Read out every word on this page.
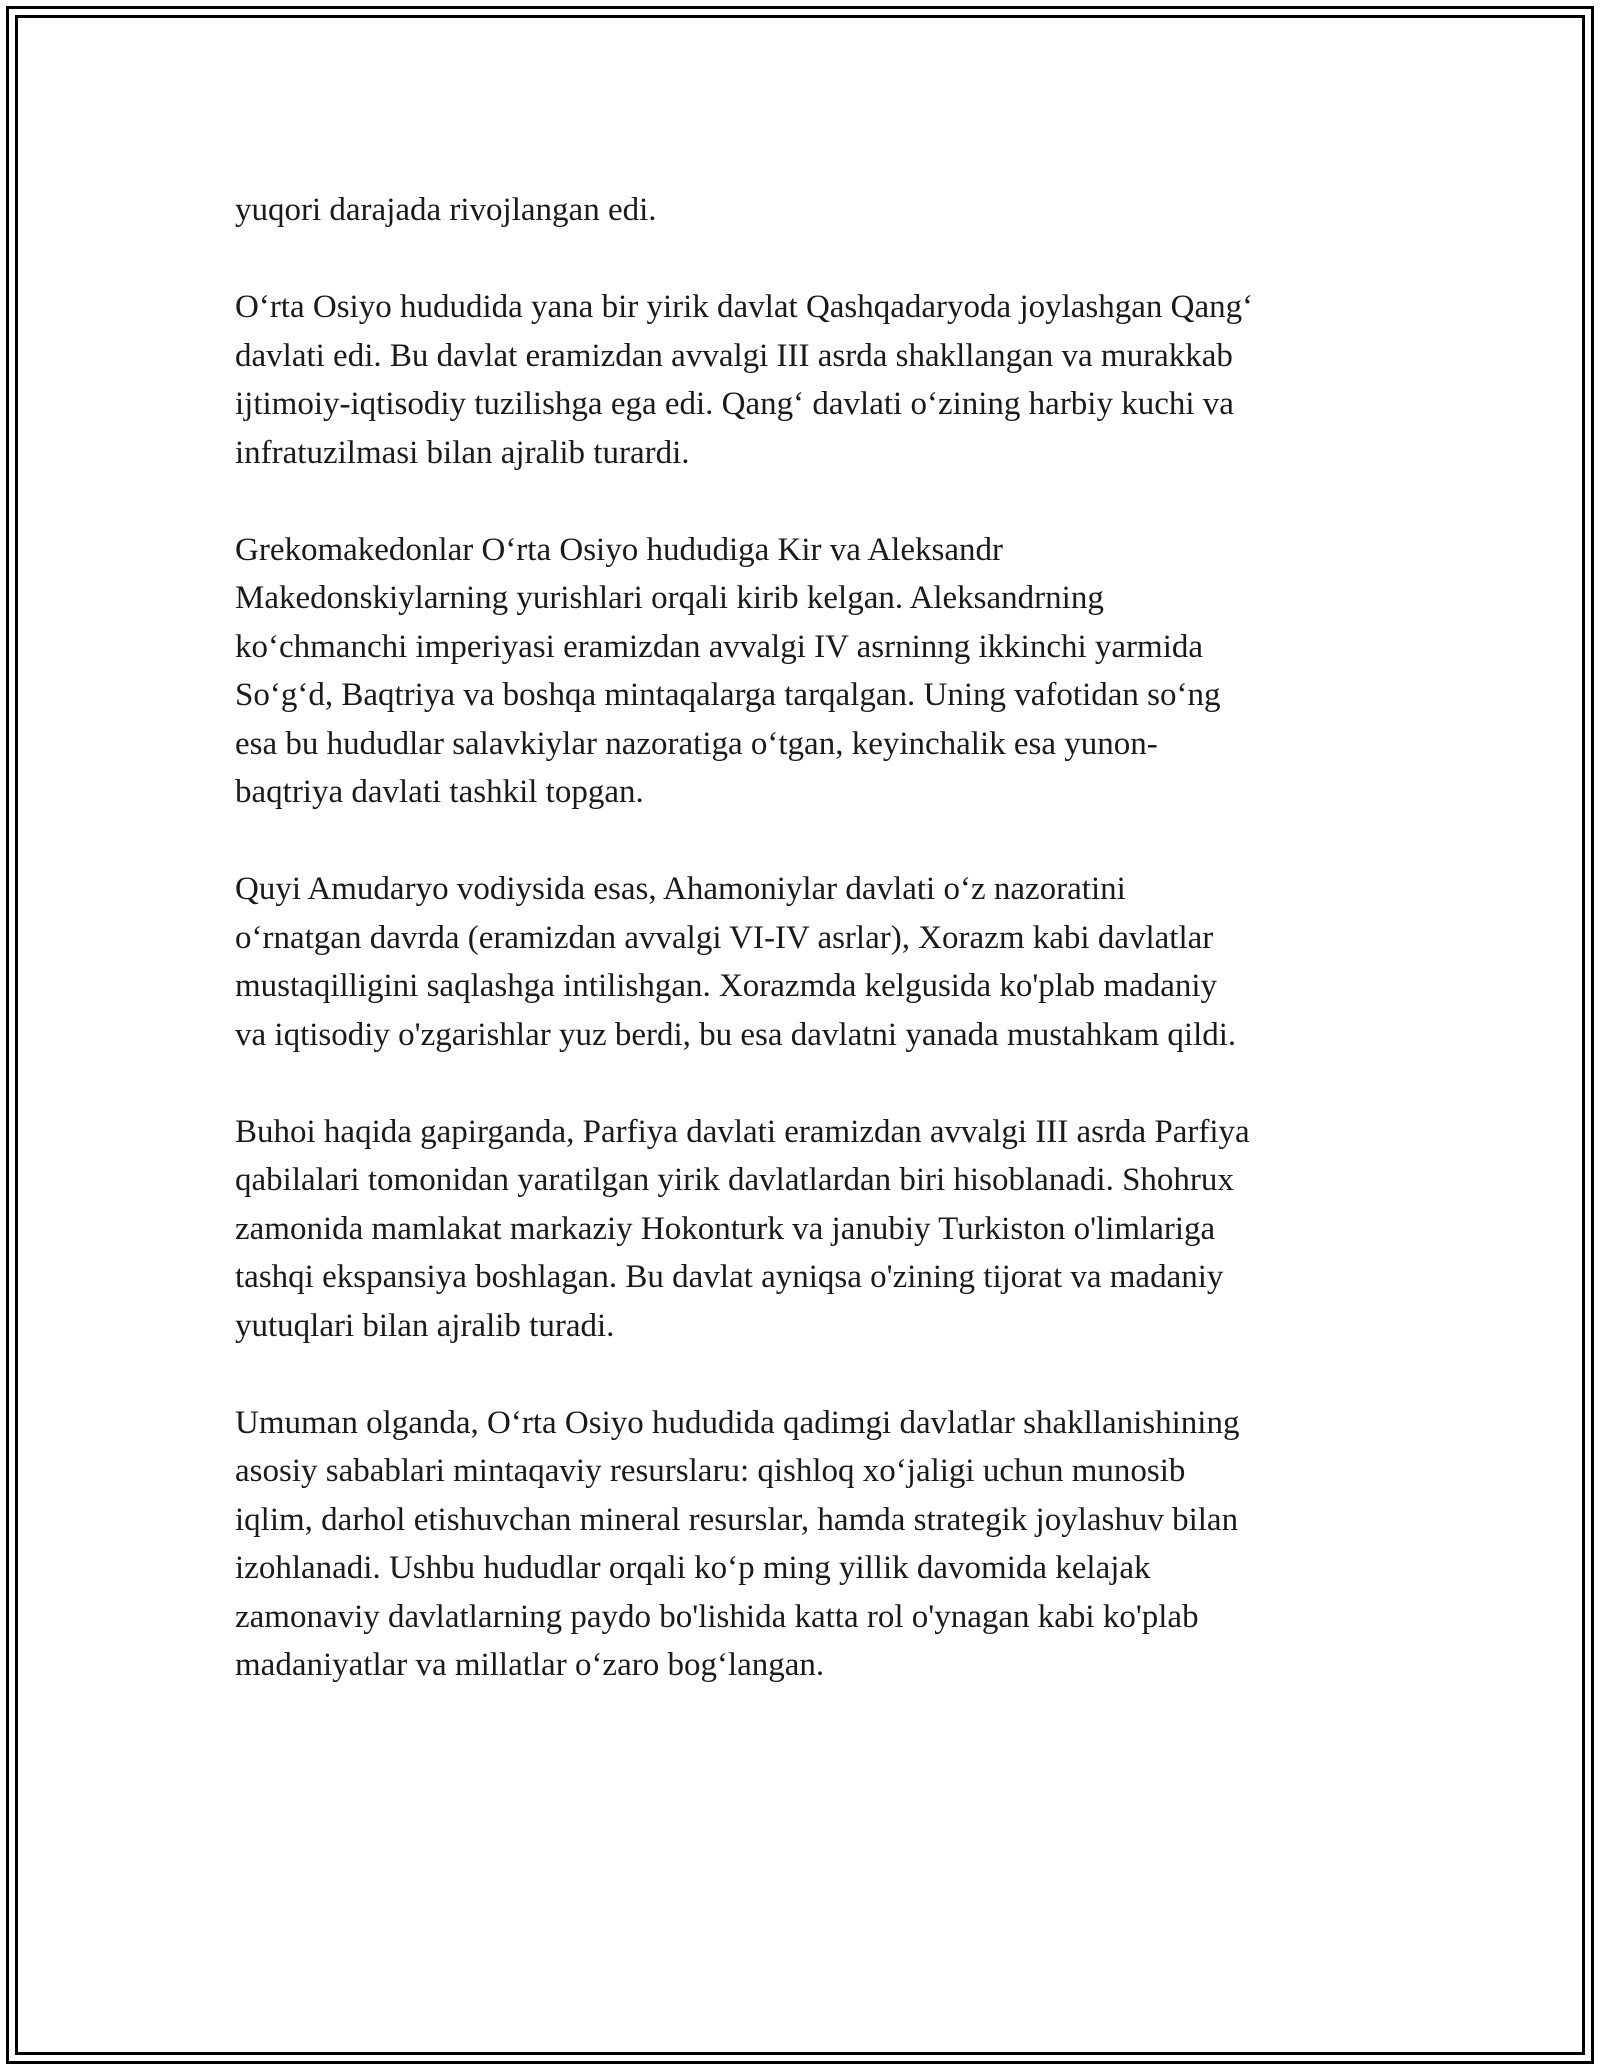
yuqori darajada rivojlangan edi.

O‘rta Osiyo hududida yana bir yirik davlat Qashqadaryoda joylashgan Qang‘
davlati edi. Bu davlat eramizdan avvalgi III asrda shakllangan va murakkab
ijtimoiy-iqtisodiy tuzilishga ega edi. Qang‘ davlati o‘zining harbiy kuchi va
infratuzilmasi bilan ajralib turardi.

Grekomakedonlar O‘rta Osiyo hududiga Kir va Aleksandr
Makedonskiylarning yurishlari orqali kirib kelgan. Aleksandrning
ko‘chmanchi imperiyasi eramizdan avvalgi IV asrninng ikkinchi yarmida
So‘g‘d, Baqtriya va boshqa mintaqalarga tarqalgan. Uning vafotidan so‘ng
esa bu hududlar salavkiylar nazoratiga o‘tgan, keyinchalik esa yunon-
baqtriya davlati tashkil topgan.

Quyi Amudaryo vodiysida esas, Ahamoniylar davlati o‘z nazoratini
o‘rnatgan davrda (eramizdan avvalgi VI-IV asrlar), Xorazm kabi davlatlar
mustaqilligini saqlashga intilishgan. Xorazmda kelgusida ko'plab madaniy
va iqtisodiy o'zgarishlar yuz berdi, bu esa davlatni yanada mustahkam qildi.

Buhoi haqida gapirganda, Parfiya davlati eramizdan avvalgi III asrda Parfiya
qabilalari tomonidan yaratilgan yirik davlatlardan biri hisoblanadi. Shohrux
zamonida mamlakat markaziy Hokonturk va janubiy Turkiston o'limlariga
tashqi ekspansiya boshlagan. Bu davlat ayniqsa o'zining tijorat va madaniy
yutuqlari bilan ajralib turadi.

Umuman olganda, O‘rta Osiyo hududida qadimgi davlatlar shakllanishining
asosiy sabablari mintaqaviy resurslaru: qishloq xo‘jaligi uchun munosib
iqlim, darhol etishuvchan mineral resurslar, hamda strategik joylashuv bilan
izohlanadi. Ushbu hududlar orqali ko‘p ming yillik davomida kelajak
zamonaviy davlatlarning paydo bo'lishida katta rol o'ynagan kabi ko'plab
madaniyatlar va millatlar o‘zaro bog‘langan.
